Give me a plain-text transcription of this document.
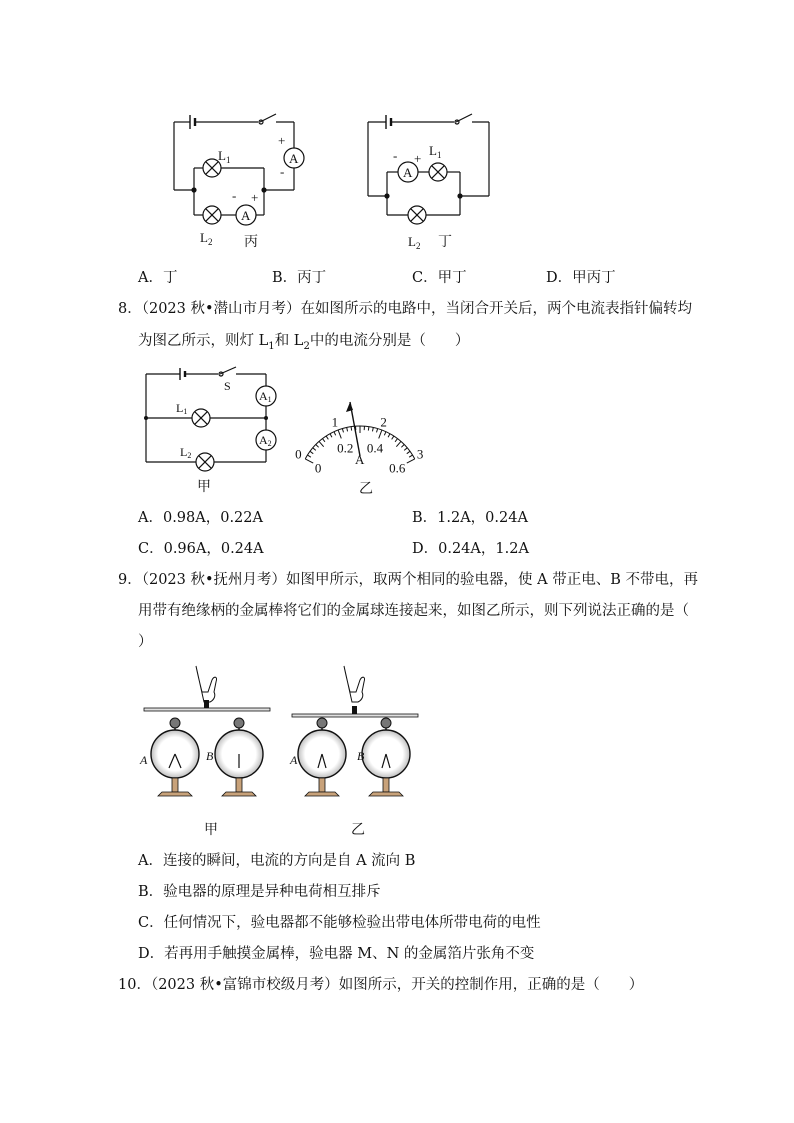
A
A
+
-
- +
$L_1$
$L_2$ 丙
A
- +
$L_1$
$L_2$ 丁
A．丁	B．丙丁	C．甲丁	D．甲丙丁
8．（2023 秋•潜山市月考）在如图所示的电路中，当闭合开关后，两个电流表指针偏转均
为图乙所示，则灯 $L_1$和 $L_2$中的电流分别是（　　）
S
A1
A2
L1
L2
甲
0
1	2
3
0
0.2 0.4
0.6
A
乙
A．0.98A，0.22A	B．1.2A，0.24A
C．0.96A，0.24A	D．0.24A，1.2A
9．（2023 秋•抚州月考）如图甲所示，取两个相同的验电器，使 A 带正电、B 不带电，再
用带有绝缘柄的金属棒将它们的金属球连接起来，如图乙所示，则下列说法正确的是（
）
A	B	A	B
甲	乙
A．连接的瞬间，电流的方向是自 A 流向 B
B．验电器的原理是异种电荷相互排斥
C．任何情况下，验电器都不能够检验出带电体所带电荷的电性
D．若再用手触摸金属棒，验电器 M、N 的金属箔片张角不变
10．（2023 秋•富锦市校级月考）如图所示，开关的控制作用，正确的是（　　）
